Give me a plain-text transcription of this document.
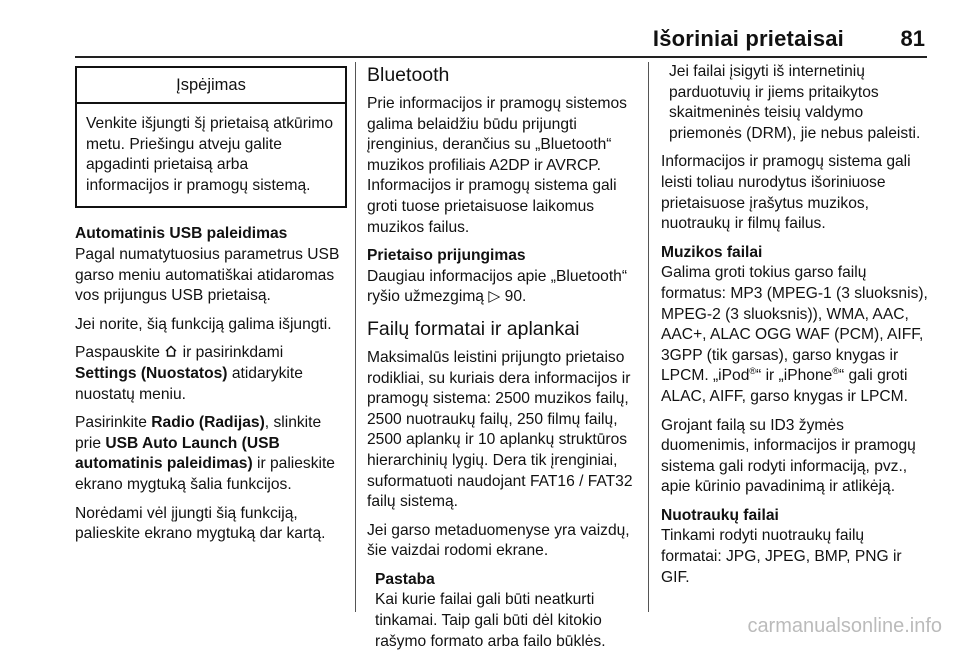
Išoriniai prietaisai	81
Įspėjimas
Venkite išjungti šį prietaisą atkūrimo metu. Priešingu atveju galite apgadinti prietaisą arba informacijos ir pramogų sistemą.
Automatinis USB paleidimas

Pagal numatytuosius parametrus USB garso meniu automatiškai atidaromas vos prijungus USB prietaisą.

Jei norite, šią funkciją galima išjungti.

Paspauskite ir pasirinkdami Settings (Nuostatos) atidarykite nuostatų meniu.

Pasirinkite Radio (Radijas), slinkite prie USB Auto Launch (USB automatinis paleidimas) ir palieskite ekrano mygtuką šalia funkcijos.

Norėdami vėl įjungti šią funkciją, palieskite ekrano mygtuką dar kartą.

Bluetooth

Prie informacijos ir pramogų sistemos galima belaidžiu būdu prijungti įrenginius, derančius su „Bluetooth“ muzikos profiliais A2DP ir AVRCP. Informacijos ir pramogų sistema gali groti tuose prietaisuose laikomus muzikos failus.

Prietaiso prijungimas

Daugiau informacijos apie „Bluetooth“ ryšio užmezgimą ▷ 90.

Failų formatai ir aplankai

Maksimalūs leistini prijungto prietaiso rodikliai, su kuriais dera informacijos ir pramogų sistema: 2500 muzikos failų, 2500 nuotraukų failų, 250 filmų failų, 2500 aplankų ir 10 aplankų struktūros hierarchinių lygių. Dera tik įrenginiai, suformatuoti naudojant FAT16 / FAT32 failų sistemą.

Jei garso metaduomenyse yra vaizdų, šie vaizdai rodomi ekrane.

Pastaba
Kai kurie failai gali būti neatkurti tinkamai. Taip gali būti dėl kitokio rašymo formato arba failo būklės.

Jei failai įsigyti iš internetinių parduotuvių ir jiems pritaikytos skaitmeninės teisių valdymo priemonės (DRM), jie nebus paleisti.

Informacijos ir pramogų sistema gali leisti toliau nurodytus išoriniuose prietaisuose įrašytus muzikos, nuotraukų ir filmų failus.

Muzikos failai

Galima groti tokius garso failų formatus: MP3 (MPEG-1 (3 sluoksnis), MPEG-2 (3 sluoksnis)), WMA, AAC, AAC+, ALAC OGG WAF (PCM), AIFF, 3GPP (tik garsas), garso knygas ir LPCM. „iPod®“ ir „iPhone®“ gali groti ALAC, AIFF, garso knygas ir LPCM.

Grojant failą su ID3 žymės duomenimis, informacijos ir pramogų sistema gali rodyti informaciją, pvz., apie kūrinio pavadinimą ir atlikėją.

Nuotraukų failai

Tinkami rodyti nuotraukų failų formatai: JPG, JPEG, BMP, PNG ir GIF.

carmanualsonline.info
